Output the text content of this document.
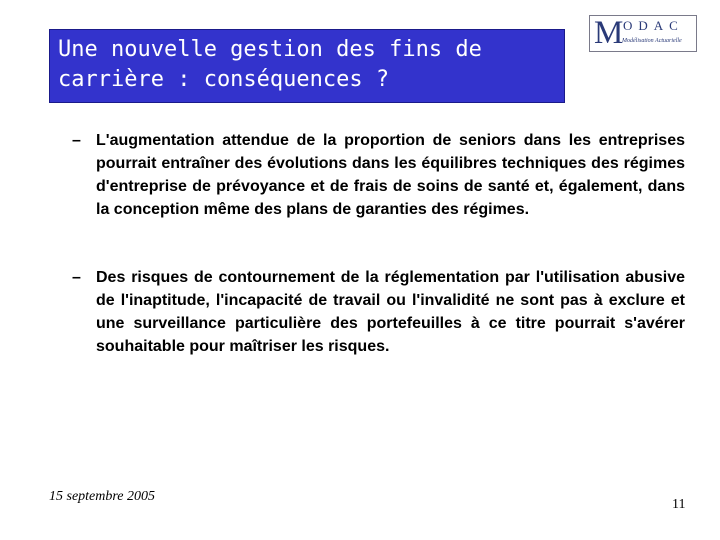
Une nouvelle gestion des fins de
carrière : conséquences ?
M ODAC
Modélisation Actuarielle
– L'augmentation attendue de la proportion de seniors dans les entreprises pourrait entraîner des évolutions dans les équilibres techniques des régimes d'entreprise de prévoyance et de frais de soins de santé et, également, dans la conception même des plans de garanties des régimes.

– Des risques de contournement de la réglementation par l'utilisation abusive de l'inaptitude, l'incapacité de travail ou l'invalidité ne sont pas à exclure et une surveillance particulière des portefeuilles à ce titre pourrait s'avérer souhaitable pour maîtriser les risques.

15 septembre 2005
11
